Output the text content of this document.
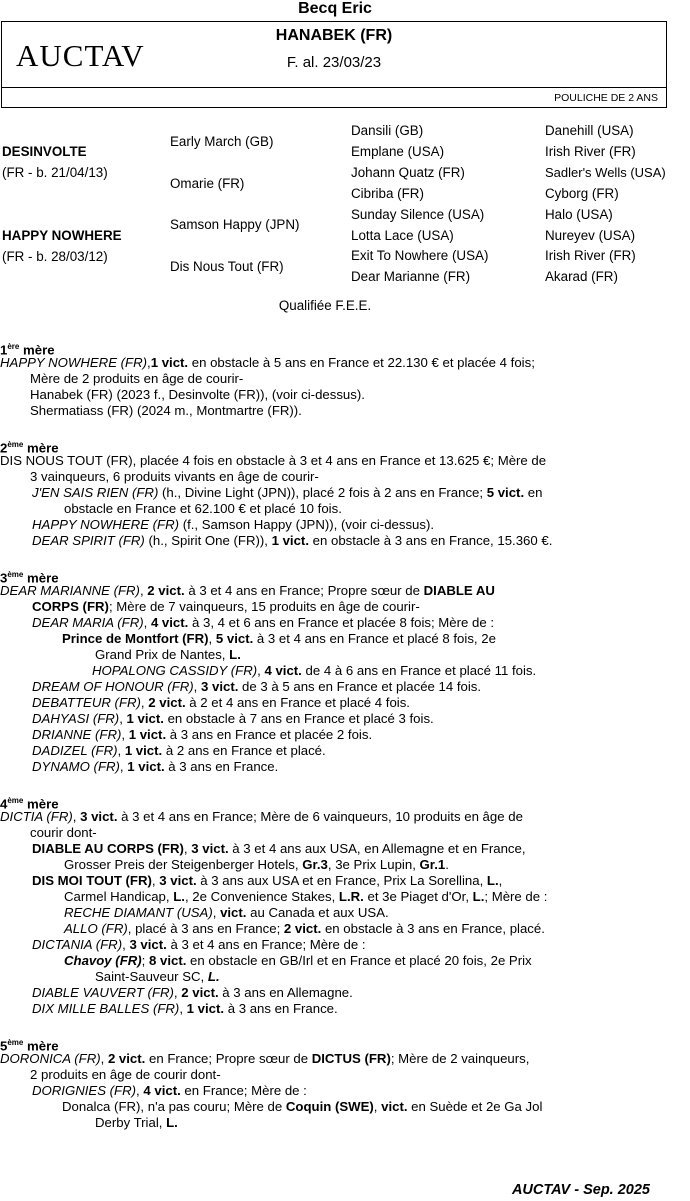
Becq Eric
AUCTAV
HANABEK (FR)
F. al. 23/03/23
POULICHE DE 2 ANS
DESINVOLTE
(FR - b. 21/04/13)
HAPPY NOWHERE
(FR - b. 28/03/12)
Early March (GB)
Omarie (FR)
Samson Happy (JPN)
Dis Nous Tout (FR)
Dansili (GB)
Emplane (USA)
Johann Quatz (FR)
Cibriba (FR)
Sunday Silence (USA)
Lotta Lace (USA)
Exit To Nowhere (USA)
Dear Marianne (FR)
Danehill (USA)
Irish River (FR)
Sadler's Wells (USA)
Cyborg (FR)
Halo (USA)
Nureyev (USA)
Irish River (FR)
Akarad (FR)
Qualifiée F.E.E.
1ère mère
HAPPY NOWHERE (FR),1 vict. en obstacle à 5 ans en France et 22.130 € et placée 4 fois;
Mère de 2 produits en âge de courir-
Hanabek (FR) (2023 f., Desinvolte (FR)), (voir ci-dessus).
Shermatiass (FR) (2024 m., Montmartre (FR)).
2ème mère
DIS NOUS TOUT (FR), placée 4 fois en obstacle à 3 et 4 ans en France et 13.625 €; Mère de
3 vainqueurs, 6 produits vivants en âge de courir-
J'EN SAIS RIEN (FR) (h., Divine Light (JPN)), placé 2 fois à 2 ans en France; 5 vict. en
obstacle en France et 62.100 € et placé 10 fois.
HAPPY NOWHERE (FR) (f., Samson Happy (JPN)), (voir ci-dessus).
DEAR SPIRIT (FR) (h., Spirit One (FR)), 1 vict. en obstacle à 3 ans en France, 15.360 €.
3ème mère
DEAR MARIANNE (FR), 2 vict. à 3 et 4 ans en France; Propre sœur de DIABLE AU
CORPS (FR); Mère de 7 vainqueurs, 15 produits en âge de courir-
DEAR MARIA (FR), 4 vict. à 3, 4 et 6 ans en France et placée 8 fois; Mère de :
Prince de Montfort (FR), 5 vict. à 3 et 4 ans en France et placé 8 fois, 2e
Grand Prix de Nantes, L.
HOPALONG CASSIDY (FR), 4 vict. de 4 à 6 ans en France et placé 11 fois.
DREAM OF HONOUR (FR), 3 vict. de 3 à 5 ans en France et placée 14 fois.
DEBATTEUR (FR), 2 vict. à 2 et 4 ans en France et placé 4 fois.
DAHYASI (FR), 1 vict. en obstacle à 7 ans en France et placé 3 fois.
DRIANNE (FR), 1 vict. à 3 ans en France et placée 2 fois.
DADIZEL (FR), 1 vict. à 2 ans en France et placé.
DYNAMO (FR), 1 vict. à 3 ans en France.
4ème mère
DICTIA (FR), 3 vict. à 3 et 4 ans en France; Mère de 6 vainqueurs, 10 produits en âge de
courir dont-
DIABLE AU CORPS (FR), 3 vict. à 3 et 4 ans aux USA, en Allemagne et en France,
Grosser Preis der Steigenberger Hotels, Gr.3, 3e Prix Lupin, Gr.1.
DIS MOI TOUT (FR), 3 vict. à 3 ans aux USA et en France, Prix La Sorellina, L.,
Carmel Handicap, L., 2e Convenience Stakes, L.R. et 3e Piaget d'Or, L.; Mère de :
RECHE DIAMANT (USA), vict. au Canada et aux USA.
ALLO (FR), placé à 3 ans en France; 2 vict. en obstacle à 3 ans en France, placé.
DICTANIA (FR), 3 vict. à 3 et 4 ans en France; Mère de :
Chavoy (FR); 8 vict. en obstacle en GB/Irl et en France et placé 20 fois, 2e Prix
Saint-Sauveur SC, L.
DIABLE VAUVERT (FR), 2 vict. à 3 ans en Allemagne.
DIX MILLE BALLES (FR), 1 vict. à 3 ans en France.
5ème mère
DORONICA (FR), 2 vict. en France; Propre sœur de DICTUS (FR); Mère de 2 vainqueurs,
2 produits en âge de courir dont-
DORIGNIES (FR), 4 vict. en France; Mère de :
Donalca (FR), n'a pas couru; Mère de Coquin (SWE), vict. en Suède et 2e Ga Jol
Derby Trial, L.
AUCTAV - Sep. 2025
